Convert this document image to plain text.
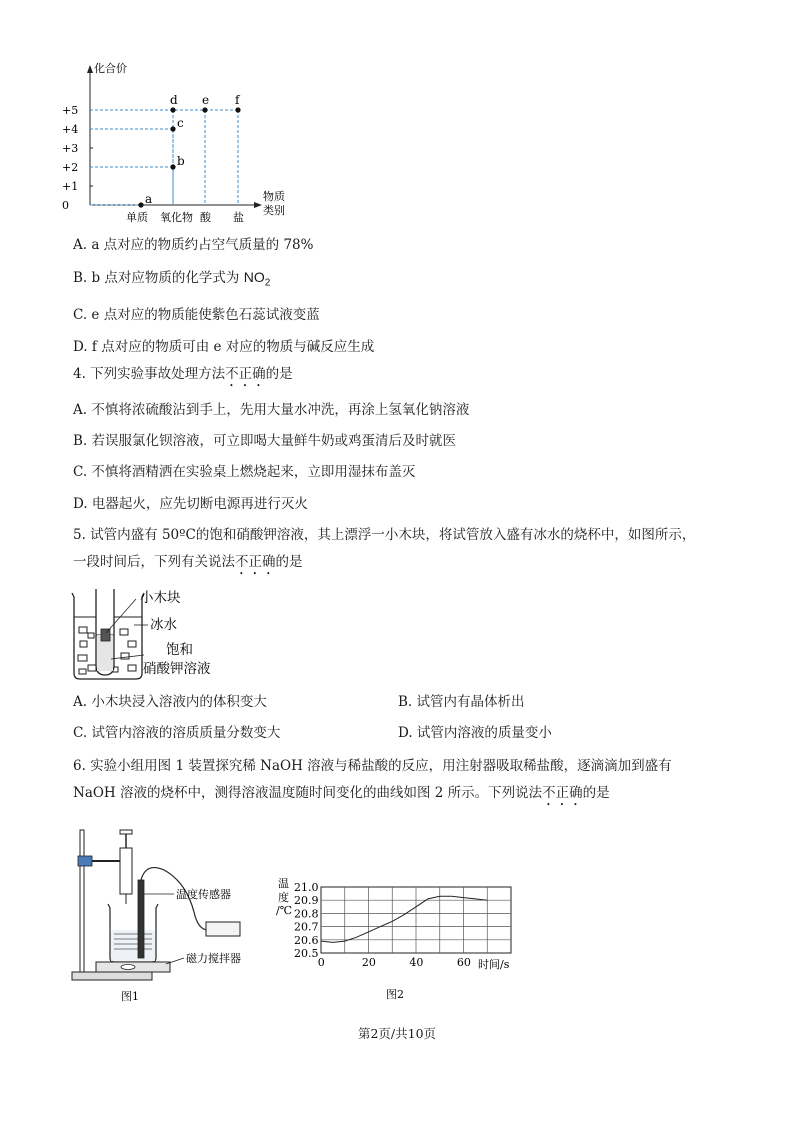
化合价
物质
类别
+5
+4
+3
+2
+1
0
单质 氧化物 酸 盐
a
b
c
d e f
A. a 点对应的物质约占空气质量的 78%
B. b 点对应物质的化学式为 $NO_2$
C. e 点对应的物质能使紫色石蕊试液变蓝
D. f 点对应的物质可由 e 对应的物质与碱反应生成
4. 下列实验事故处理方法不正确的是
A. 不慎将浓硫酸沾到手上，先用大量水冲洗，再涂上氢氧化钠溶液
B. 若误服氯化钡溶液，可立即喝大量鲜牛奶或鸡蛋清后及时就医
C. 不慎将酒精洒在实验桌上燃烧起来，立即用湿抹布盖灭
D. 电器起火，应先切断电源再进行灭火
5. 试管内盛有 50ºC的饱和硝酸钾溶液，其上漂浮一小木块，将试管放入盛有冰水的烧杯中，如图所示，
一段时间后，下列有关说法不正确的是
小木块
冰水
饱和
硝酸钾溶液
A. 小木块浸入溶液内的体积变大	B. 试管内有晶体析出
C. 试管内溶液的溶质质量分数变大	D. 试管内溶液的质量变小
6. 实验小组用图 1 装置探究稀 NaOH 溶液与稀盐酸的反应，用注射器吸取稀盐酸，逐滴滴加到盛有
NaOH 溶液的烧杯中，测得溶液温度随时间变化的曲线如图 2 所示。下列说法不正确的是
温度传感器
磁力搅拌器
图1
温
度
/℃
21.0
20.9
20.8
20.7
20.6
20.5
0	20	40	60 时间/s
图2
第2页/共10页
